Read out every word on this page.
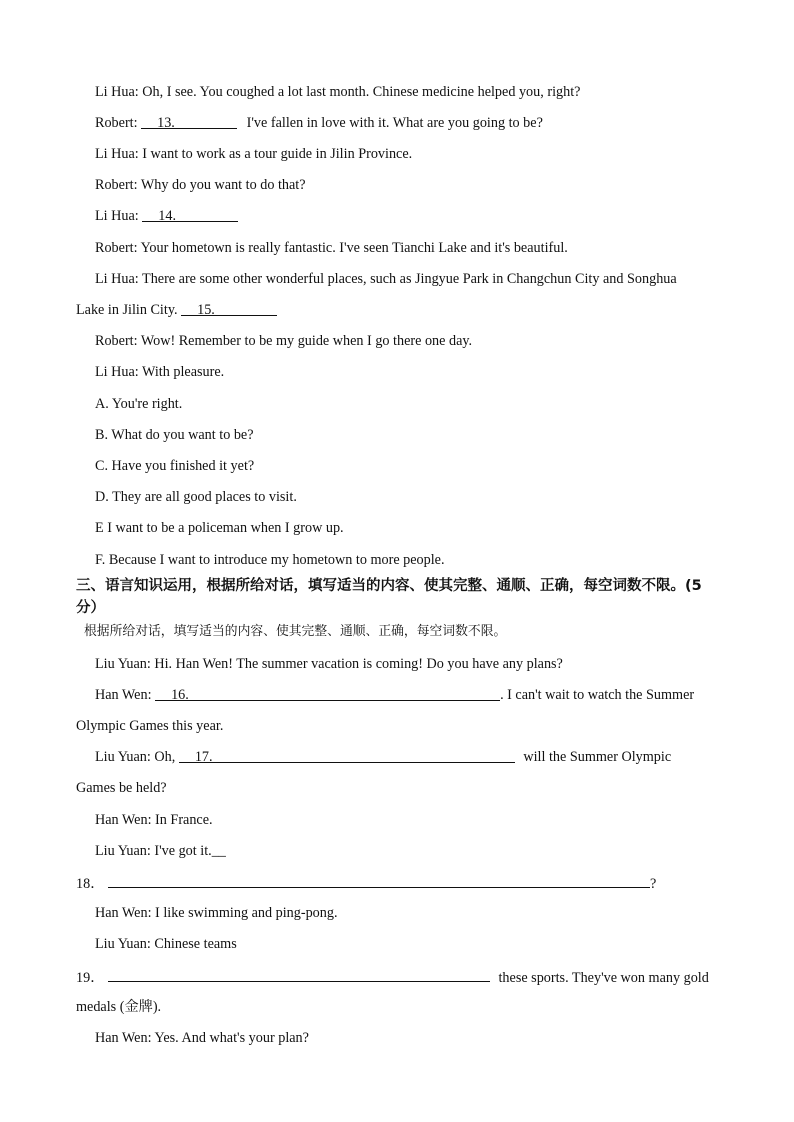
Li Hua: Oh, I see. You coughed a lot last month. Chinese medicine helped you, right?
Robert: 13.	I've fallen in love with it. What are you going to be?
Li Hua: I want to work as a tour guide in Jilin Province.
Robert: Why do you want to do that?
Li Hua: 14.
Robert: Your hometown is really fantastic. I've seen Tianchi Lake and it's beautiful.
Li Hua: There are some other wonderful places, such as Jingyue Park in Changchun City and Songhua
Lake in Jilin City. 15.
Robert: Wow! Remember to be my guide when I go there one day.
Li Hua: With pleasure.
A. You're right.
B. What do you want to be?
C. Have you finished it yet?
D. They are all good places to visit.
E I want to be a policeman when I grow up.
F. Because I want to introduce my hometown to more people.
三、语言知识运用，根据所给对话，填写适当的内容、使其完整、通顺、正确，每空词数不限。(5 分）
根据所给对话，填写适当的内容、使其完整、通顺、正确，每空词数不限。
Liu Yuan: Hi. Han Wen! The summer vacation is coming! Do you have any plans?
Han Wen: 16.	. I can't wait to watch the Summer
Olympic Games this year.
Liu Yuan: Oh, 17.	will the Summer Olympic
Games be held?
Han Wen: In France.
Liu Yuan: I've got it.__
18．	?
Han Wen: I like swimming and ping-pong.
Liu Yuan: Chinese teams
19．	these sports. They've won many gold
medals (金牌).
Han Wen: Yes. And what's your plan?
